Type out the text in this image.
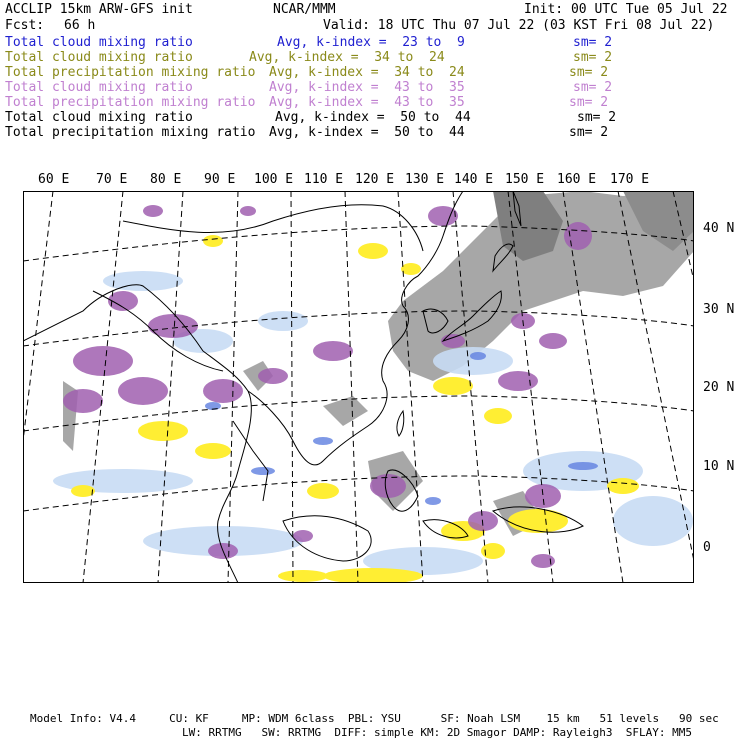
ACCLIP 15km ARW-GFS init	NCAR/MMM	Init: 00 UTC Tue 05 Jul 22
Fcst: 66 h	Valid: 18 UTC Thu 07 Jul 22 (03 KST Fri 08 Jul 22)
Total cloud mixing ratio	Avg, k-index =  23 to  9	sm= 2
Total cloud mixing ratio	Avg, k-index =  34 to  24	sm= 2
Total precipitation mixing ratio Avg, k-index =  34 to  24	sm= 2
Total cloud mixing ratio	Avg, k-index =  43 to  35	sm= 2
Total precipitation mixing ratio Avg, k-index =  43 to  35	sm= 2
Total cloud mixing ratio	Avg, k-index =  50 to  44	sm= 2
Total precipitation mixing ratio Avg, k-index =  50 to  44	sm= 2
60 E 70 E 80 E 90 E 100 E 110 E 120 E 130 E 140 E 150 E 160 E 170 E
40 N
30 N
20 N
10 N
0
Model Info: V4.4     CU: KF     MP: WDM 6class  PBL: YSU      SF: Noah LSM    15 km   51 levels   90 sec
LW: RRTMG   SW: RRTMG  DIFF: simple KM: 2D Smagor DAMP: Rayleigh3  SFLAY: MM5
